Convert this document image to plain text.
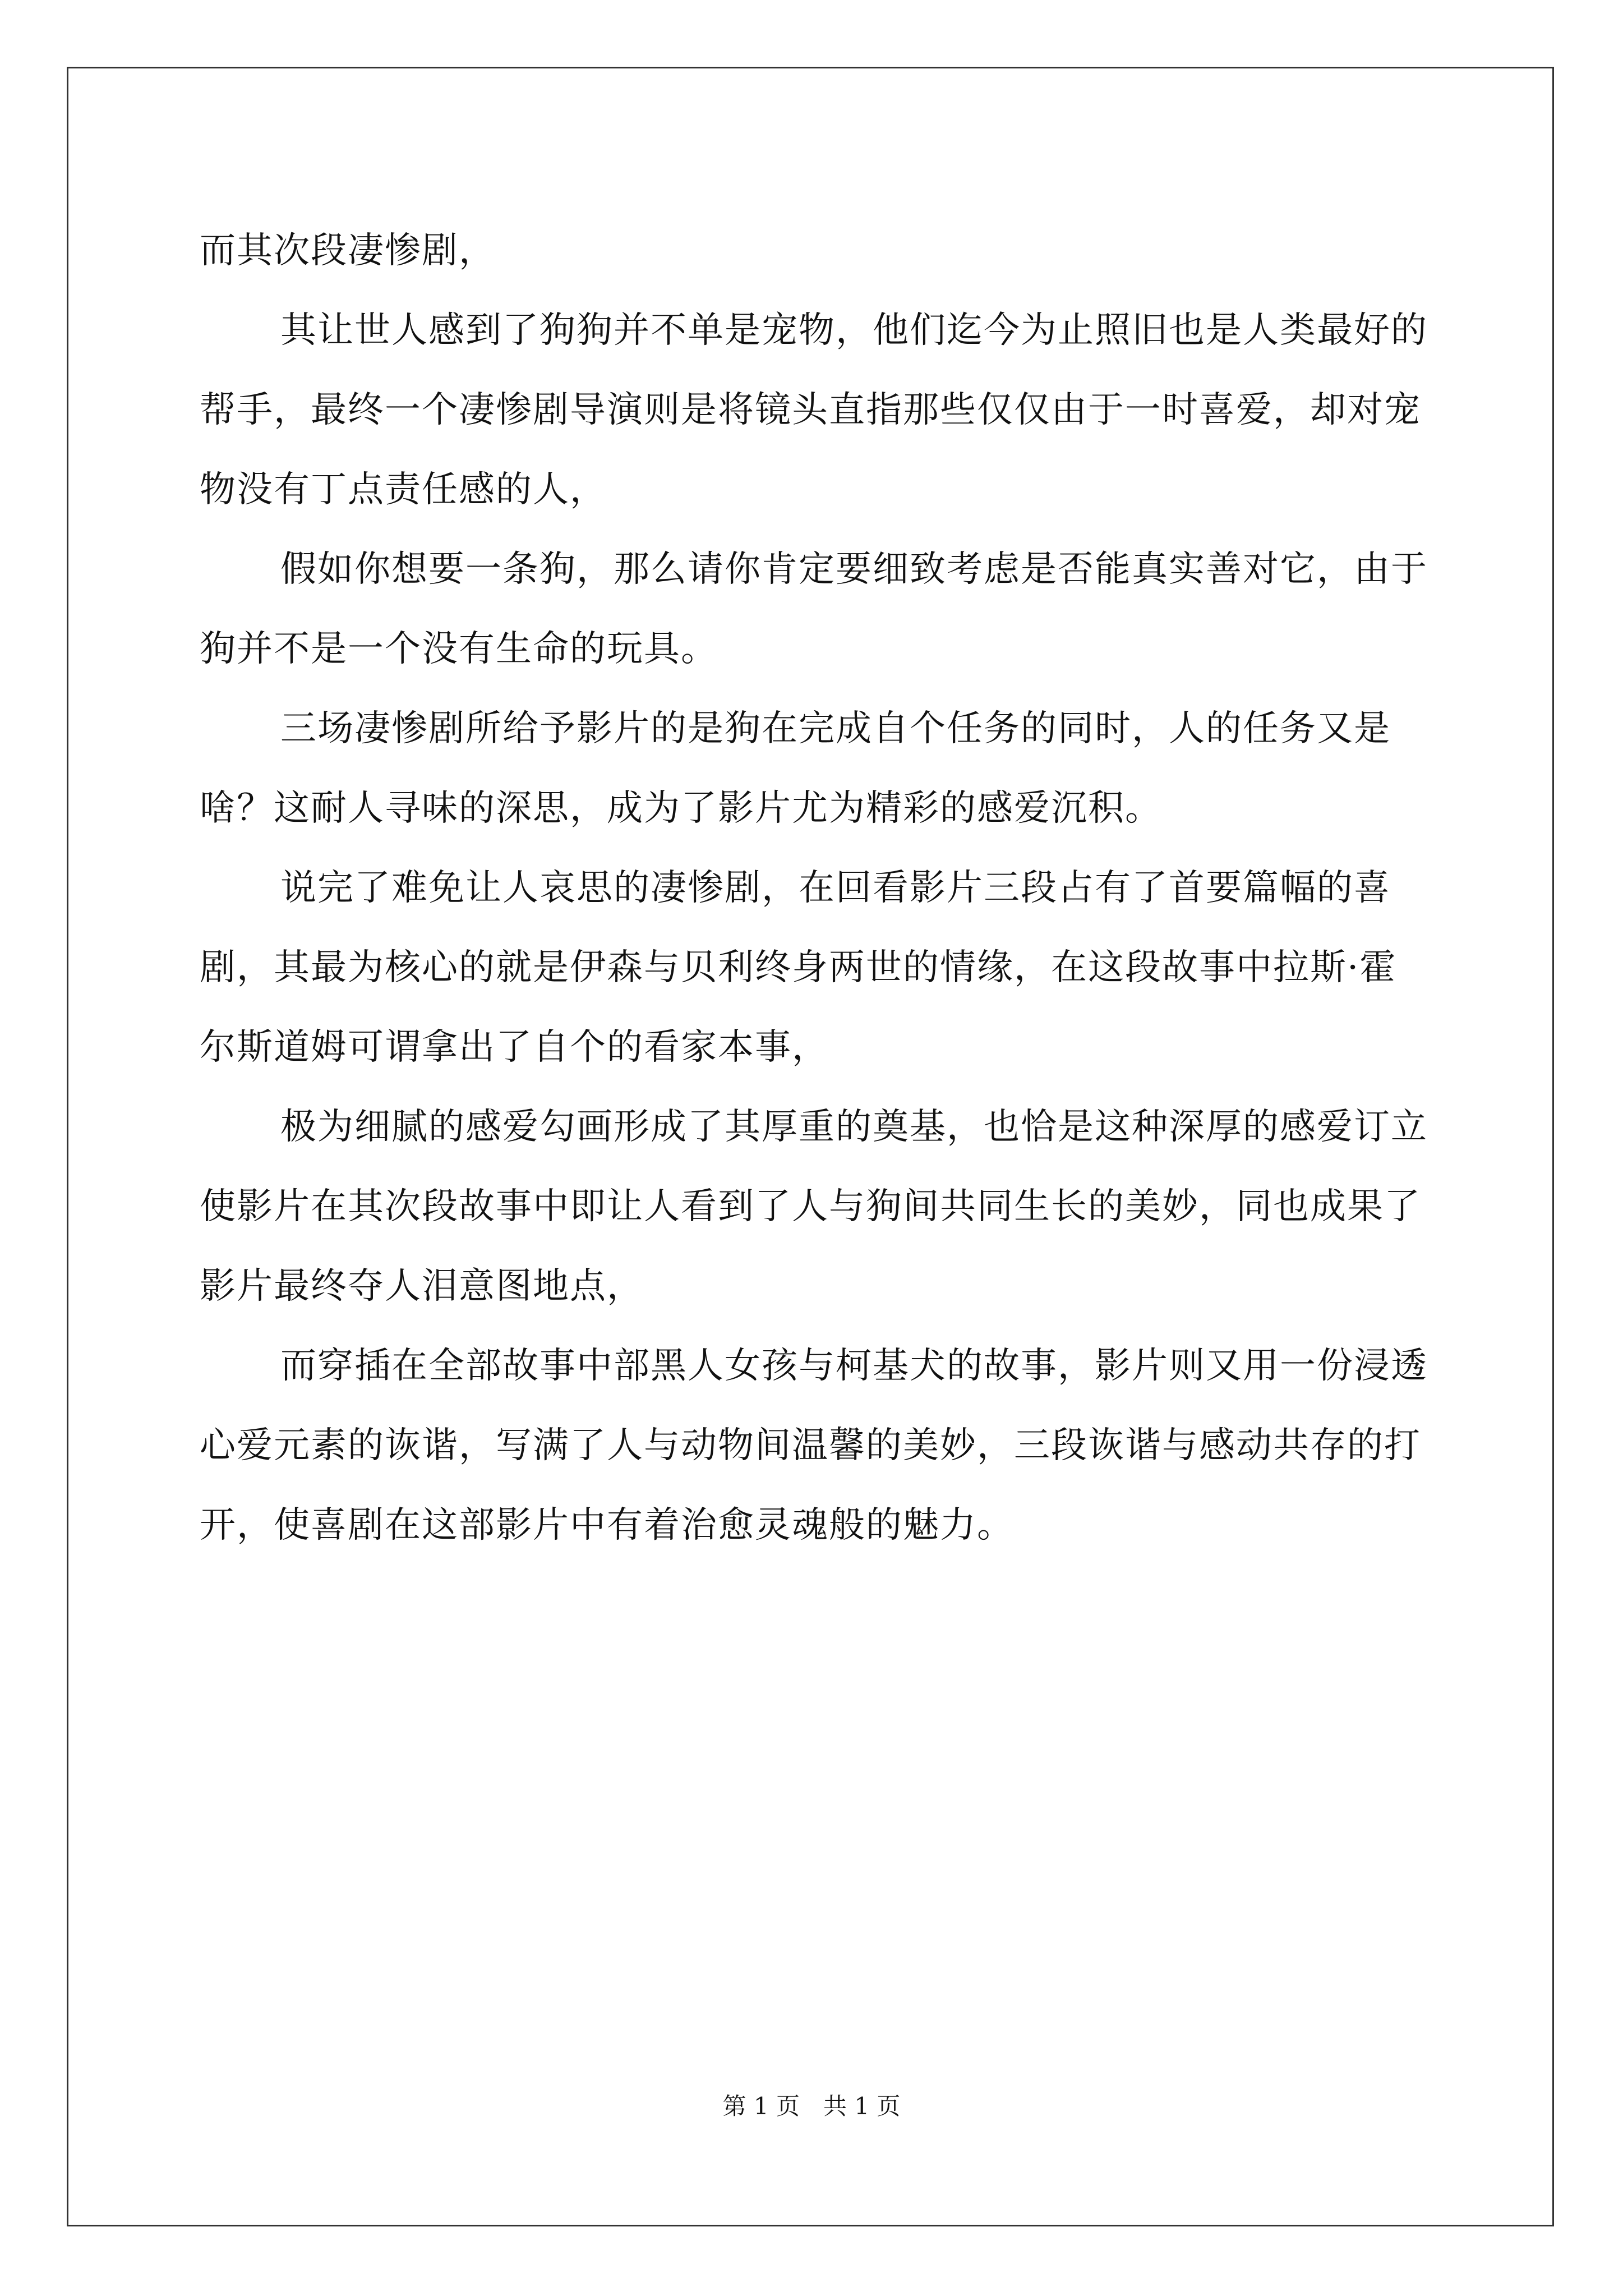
而其次段凄惨剧，

其让世人感到了狗狗并不单是宠物，他们迄今为止照旧也是人类最好的帮手，最终一个凄惨剧导演则是将镜头直指那些仅仅由于一时喜爱，却对宠物没有丁点责任感的人，

假如你想要一条狗，那么请你肯定要细致考虑是否能真实善对它，由于狗并不是一个没有生命的玩具。

三场凄惨剧所给予影片的是狗在完成自个任务的同时，人的任务又是啥？这耐人寻味的深思，成为了影片尤为精彩的感爱沉积。

说完了难免让人哀思的凄惨剧，在回看影片三段占有了首要篇幅的喜剧，其最为核心的就是伊森与贝利终身两世的情缘，在这段故事中拉斯·霍尔斯道姆可谓拿出了自个的看家本事，

极为细腻的感爱勾画形成了其厚重的奠基，也恰是这种深厚的感爱订立使影片在其次段故事中即让人看到了人与狗间共同生长的美妙，同也成果了影片最终夺人泪意图地点，

而穿插在全部故事中部黑人女孩与柯基犬的故事，影片则又用一份浸透心爱元素的诙谐，写满了人与动物间温馨的美妙，三段诙谐与感动共存的打开，使喜剧在这部影片中有着治愈灵魂般的魅力。

第 1 页　共 1 页
